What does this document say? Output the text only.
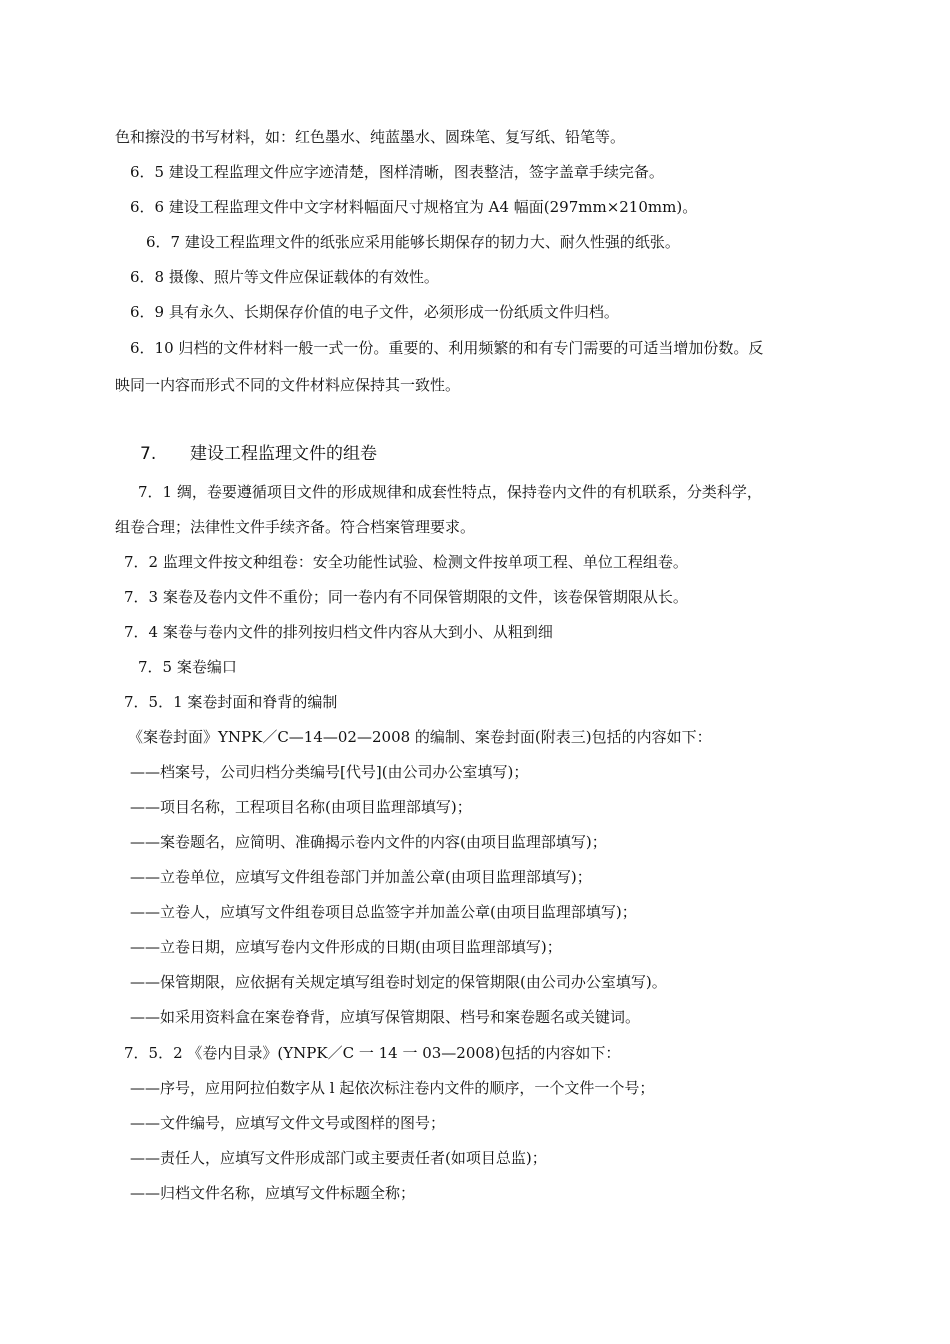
色和擦没的书写材料，如：红色墨水、纯蓝墨水、圆珠笔、复写纸、铅笔等。
6．5 建设工程监理文件应字迹清楚，图样清晰，图表整洁，签字盖章手续完备。
6．6 建设工程监理文件中文字材料幅面尺寸规格宜为 A4 幅面(297mm×210mm)。
6．7 建设工程监理文件的纸张应采用能够长期保存的韧力大、耐久性强的纸张。
6．8 摄像、照片等文件应保证载体的有效性。
6．9 具有永久、长期保存价值的电子文件，必须形成一份纸质文件归档。
6．10 归档的文件材料一般一式一份。重要的、利用频繁的和有专门需要的可适当增加份数。反
映同一内容而形式不同的文件材料应保持其一致性。
7. 建设工程监理文件的组卷
7．1 绸，卷要遵循项目文件的形成规律和成套性特点，保持卷内文件的有机联系，分类科学，
组卷合理；法律性文件手续齐备。符合档案管理要求。
7．2 监理文件按文种组卷：安全功能性试验、检测文件按单项工程、单位工程组卷。
7．3 案卷及卷内文件不重份；同一卷内有不同保管期限的文件，该卷保管期限从长。
7．4 案卷与卷内文件的排列按归档文件内容从大到小、从粗到细
7．5 案卷编口
7．5．1 案卷封面和脊背的编制
《案卷封面》YNPK／C—14—02—2008 的编制、案卷封面(附表三)包括的内容如下：
——档案号，公司归档分类编号[代号](由公司办公室填写)；
——项目名称，工程项目名称(由项目监理部填写)；
——案卷题名，应简明、准确揭示卷内文件的内容(由项目监理部填写)；
——立卷单位，应填写文件组卷部门并加盖公章(由项目监理部填写)；
——立卷人，应填写文件组卷项目总监签字并加盖公章(由项目监理部填写)；
——立卷日期，应填写卷内文件形成的日期(由项目监理部填写)；
——保管期限，应依据有关规定填写组卷时划定的保管期限(由公司办公室填写)。
——如采用资料盒在案卷脊背，应填写保管期限、档号和案卷题名或关键词。
7．5．2 《卷内目录》(YNPK／C 一 14 一 03—2008)包括的内容如下：
——序号，应用阿拉伯数字从 l 起依次标注卷内文件的顺序，一个文件一个号；
——文件编号，应填写文件文号或图样的图号；
——责任人，应填写文件形成部门或主要责任者(如项目总监)；
——归档文件名称，应填写文件标题全称；
